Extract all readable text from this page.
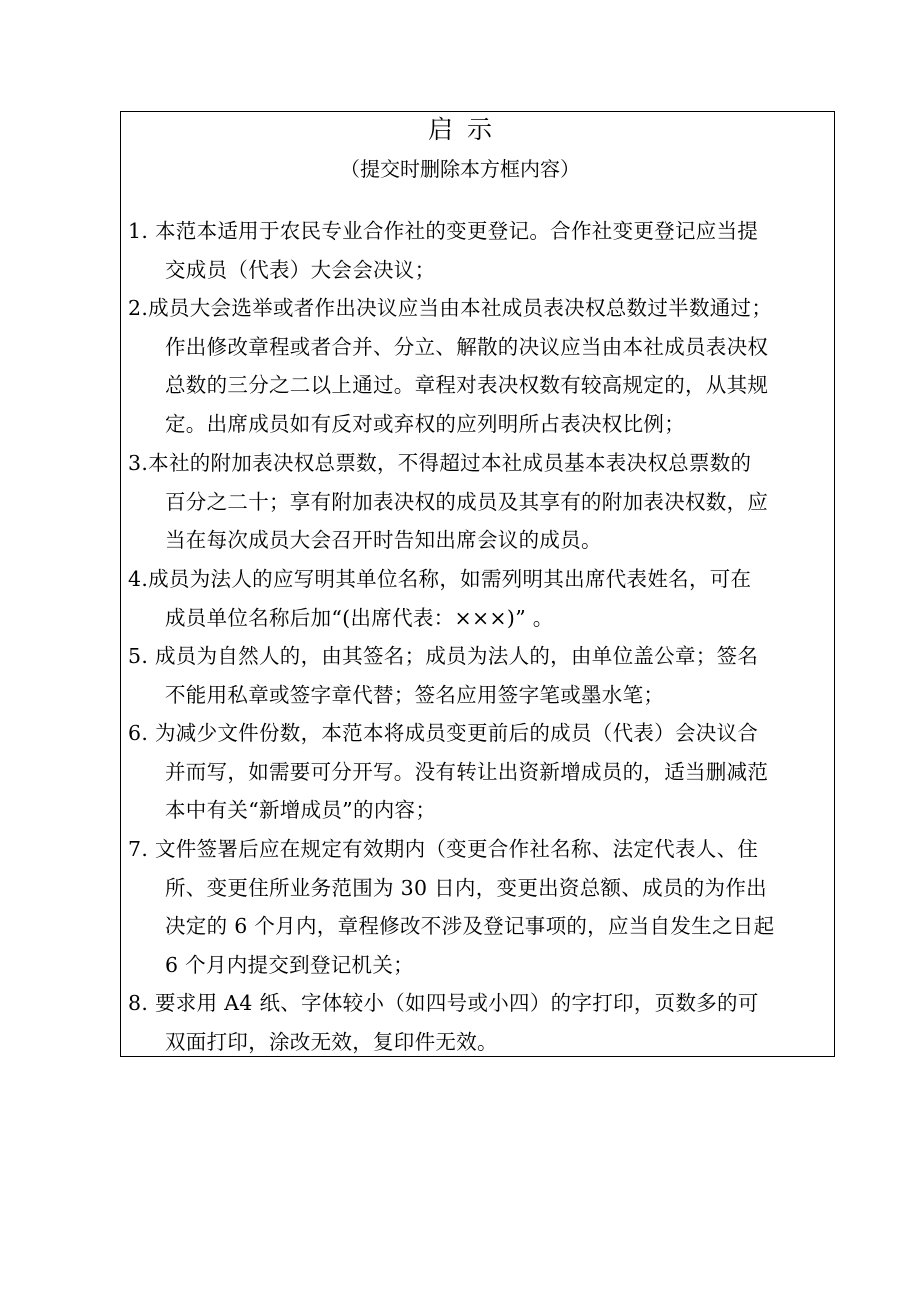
启示
（提交时删除本方框内容）
1. 本范本适用于农民专业合作社的变更登记。合作社变更登记应当提
交成员（代表）大会会决议；
2.成员大会选举或者作出决议应当由本社成员表决权总数过半数通过；
作出修改章程或者合并、分立、解散的决议应当由本社成员表决权
总数的三分之二以上通过。章程对表决权数有较高规定的，从其规
定。出席成员如有反对或弃权的应列明所占表决权比例；
3.本社的附加表决权总票数，不得超过本社成员基本表决权总票数的
百分之二十；享有附加表决权的成员及其享有的附加表决权数，应
当在每次成员大会召开时告知出席会议的成员。
4.成员为法人的应写明其单位名称，如需列明其出席代表姓名，可在
成员单位名称后加“(出席代表：×××)” 。
5. 成员为自然人的，由其签名；成员为法人的，由单位盖公章；签名
不能用私章或签字章代替；签名应用签字笔或墨水笔；
6. 为减少文件份数，本范本将成员变更前后的成员（代表）会决议合
并而写，如需要可分开写。没有转让出资新增成员的，适当删减范
本中有关“新增成员”的内容；
7. 文件签署后应在规定有效期内（变更合作社名称、法定代表人、住
所、变更住所业务范围为 30 日内，变更出资总额、成员的为作出
决定的 6 个月内，章程修改不涉及登记事项的，应当自发生之日起
6 个月内提交到登记机关；
8. 要求用 A4 纸、字体较小（如四号或小四）的字打印，页数多的可
双面打印，涂改无效，复印件无效。
